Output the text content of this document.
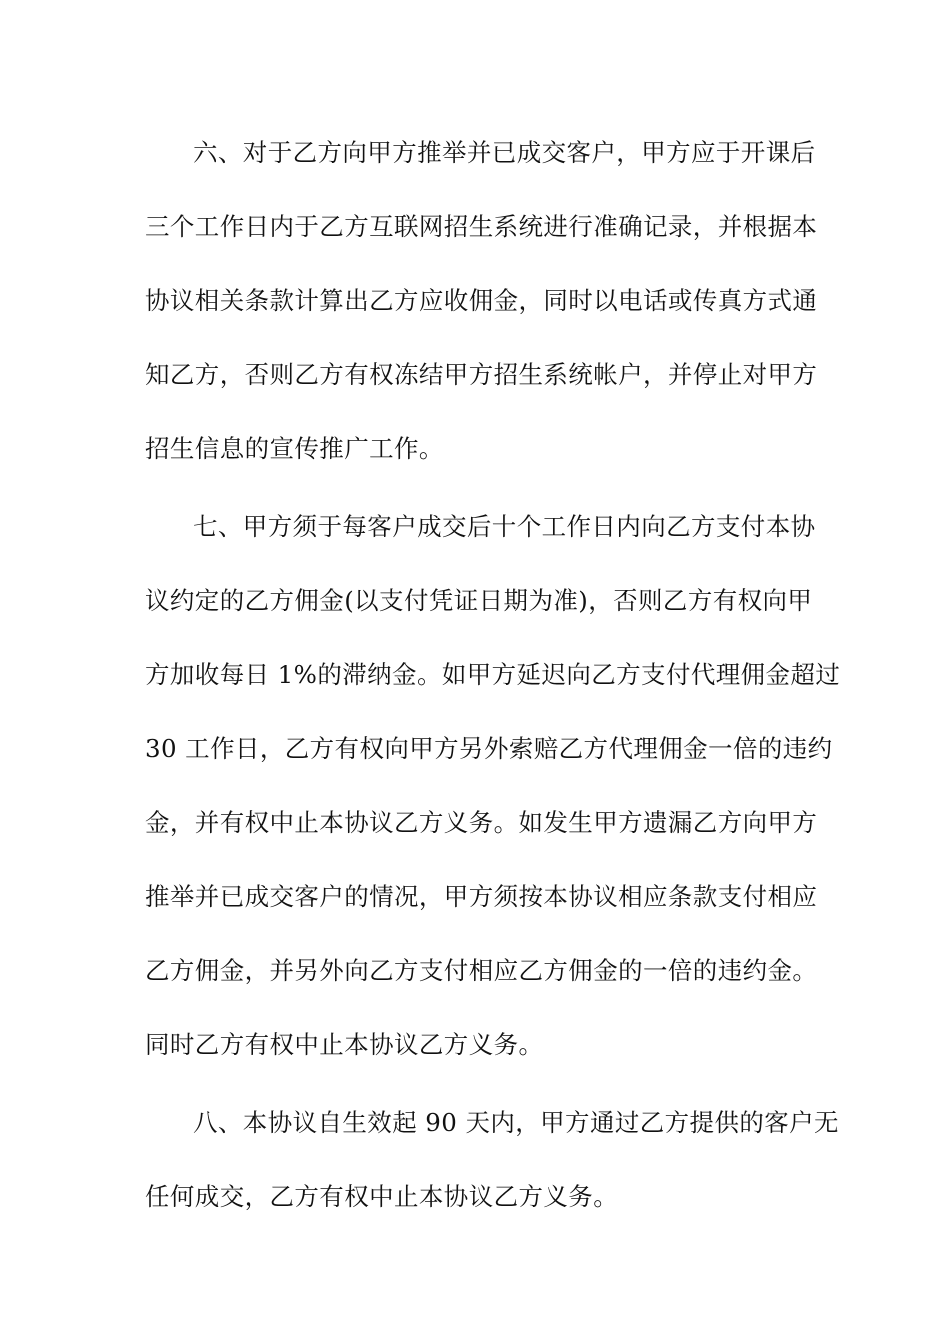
六、对于乙方向甲方推举并已成交客户，甲方应于开课后
三个工作日内于乙方互联网招生系统进行准确记录，并根据本
协议相关条款计算出乙方应收佣金，同时以电话或传真方式通
知乙方，否则乙方有权冻结甲方招生系统帐户，并停止对甲方
招生信息的宣传推广工作。
七、甲方须于每客户成交后十个工作日内向乙方支付本协
议约定的乙方佣金(以支付凭证日期为准)，否则乙方有权向甲
方加收每日 1%的滞纳金。如甲方延迟向乙方支付代理佣金超过
30 工作日，乙方有权向甲方另外索赔乙方代理佣金一倍的违约
金，并有权中止本协议乙方义务。如发生甲方遗漏乙方向甲方
推举并已成交客户的情况，甲方须按本协议相应条款支付相应
乙方佣金，并另外向乙方支付相应乙方佣金的一倍的违约金。
同时乙方有权中止本协议乙方义务。
八、本协议自生效起 90 天内，甲方通过乙方提供的客户无
任何成交，乙方有权中止本协议乙方义务。
